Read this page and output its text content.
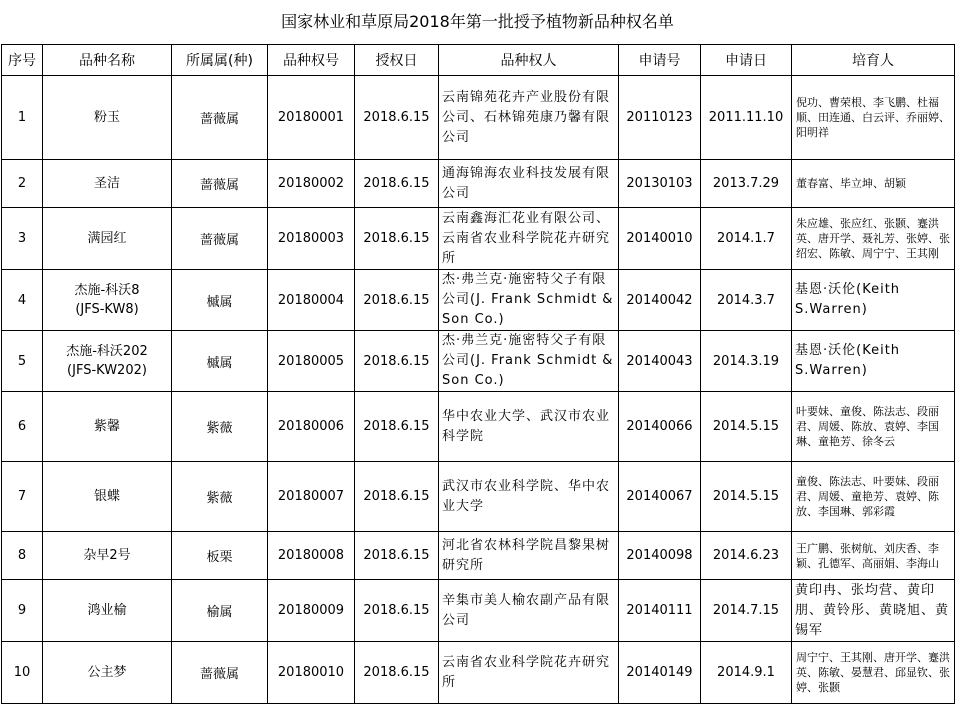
国家林业和草原局2018年第一批授予植物新品种权名单
序号	品种名称	所属属(种)	品种权号	授权日	品种权人	申请号	申请日	培育人
1	粉玉	蔷薇属	20180001	2018.6.15	云南锦苑花卉产业股份有限公司、石林锦苑康乃馨有限公司	20110123	2011.11.10	倪功、曹荣根、李飞鹏、杜福顺、田连通、白云评、乔丽婷、阳明祥
2	圣洁	蔷薇属	20180002	2018.6.15	通海锦海农业科技发展有限公司	20130103	2013.7.29	董春富、毕立坤、胡颖
3	满园红	蔷薇属	20180003	2018.6.15	云南鑫海汇花业有限公司、云南省农业科学院花卉研究所	20140010	2014.1.7	朱应雄、张应红、张颢、蹇洪英、唐开学、聂礼芳、张婷、张绍宏、陈敏、周宁宁、王其刚
4	杰施-科沃8
(JFS-KW8)	槭属	20180004	2018.6.15	杰·弗兰克·施密特父子有限公司(J. Frank Schmidt & Son Co.)	20140042	2014.3.7	基恩·沃伦(Keith S.Warren)
5	杰施-科沃202
(JFS-KW202)	槭属	20180005	2018.6.15	杰·弗兰克·施密特父子有限公司(J. Frank Schmidt & Son Co.)	20140043	2014.3.19	基恩·沃伦(Keith S.Warren)
6	紫馨	紫薇	20180006	2018.6.15	华中农业大学、武汉市农业科学院	20140066	2014.5.15	叶要妹、童俊、陈法志、段丽君、周媛、陈放、袁婷、李国琳、童艳芳、徐冬云
7	银蝶	紫薇	20180007	2018.6.15	武汉市农业科学院、华中农业大学	20140067	2014.5.15	童俊、陈法志、叶要妹、段丽君、周媛、童艳芳、袁婷、陈放、李国琳、郭彩霞
8	杂早2号	板栗	20180008	2018.6.15	河北省农林科学院昌黎果树研究所	20140098	2014.6.23	王广鹏、张树航、刘庆香、李颖、孔德军、高丽娟、李海山
9	鸿业榆	榆属	20180009	2018.6.15	辛集市美人榆农副产品有限公司	20140111	2014.7.15	黄印冉、张均营、黄印朋、黄铃彤、黄晓旭、黄锡军
10	公主梦	蔷薇属	20180010	2018.6.15	云南省农业科学院花卉研究所	20140149	2014.9.1	周宁宁、王其刚、唐开学、蹇洪英、陈敏、晏慧君、邱显钦、张婷、张颢
